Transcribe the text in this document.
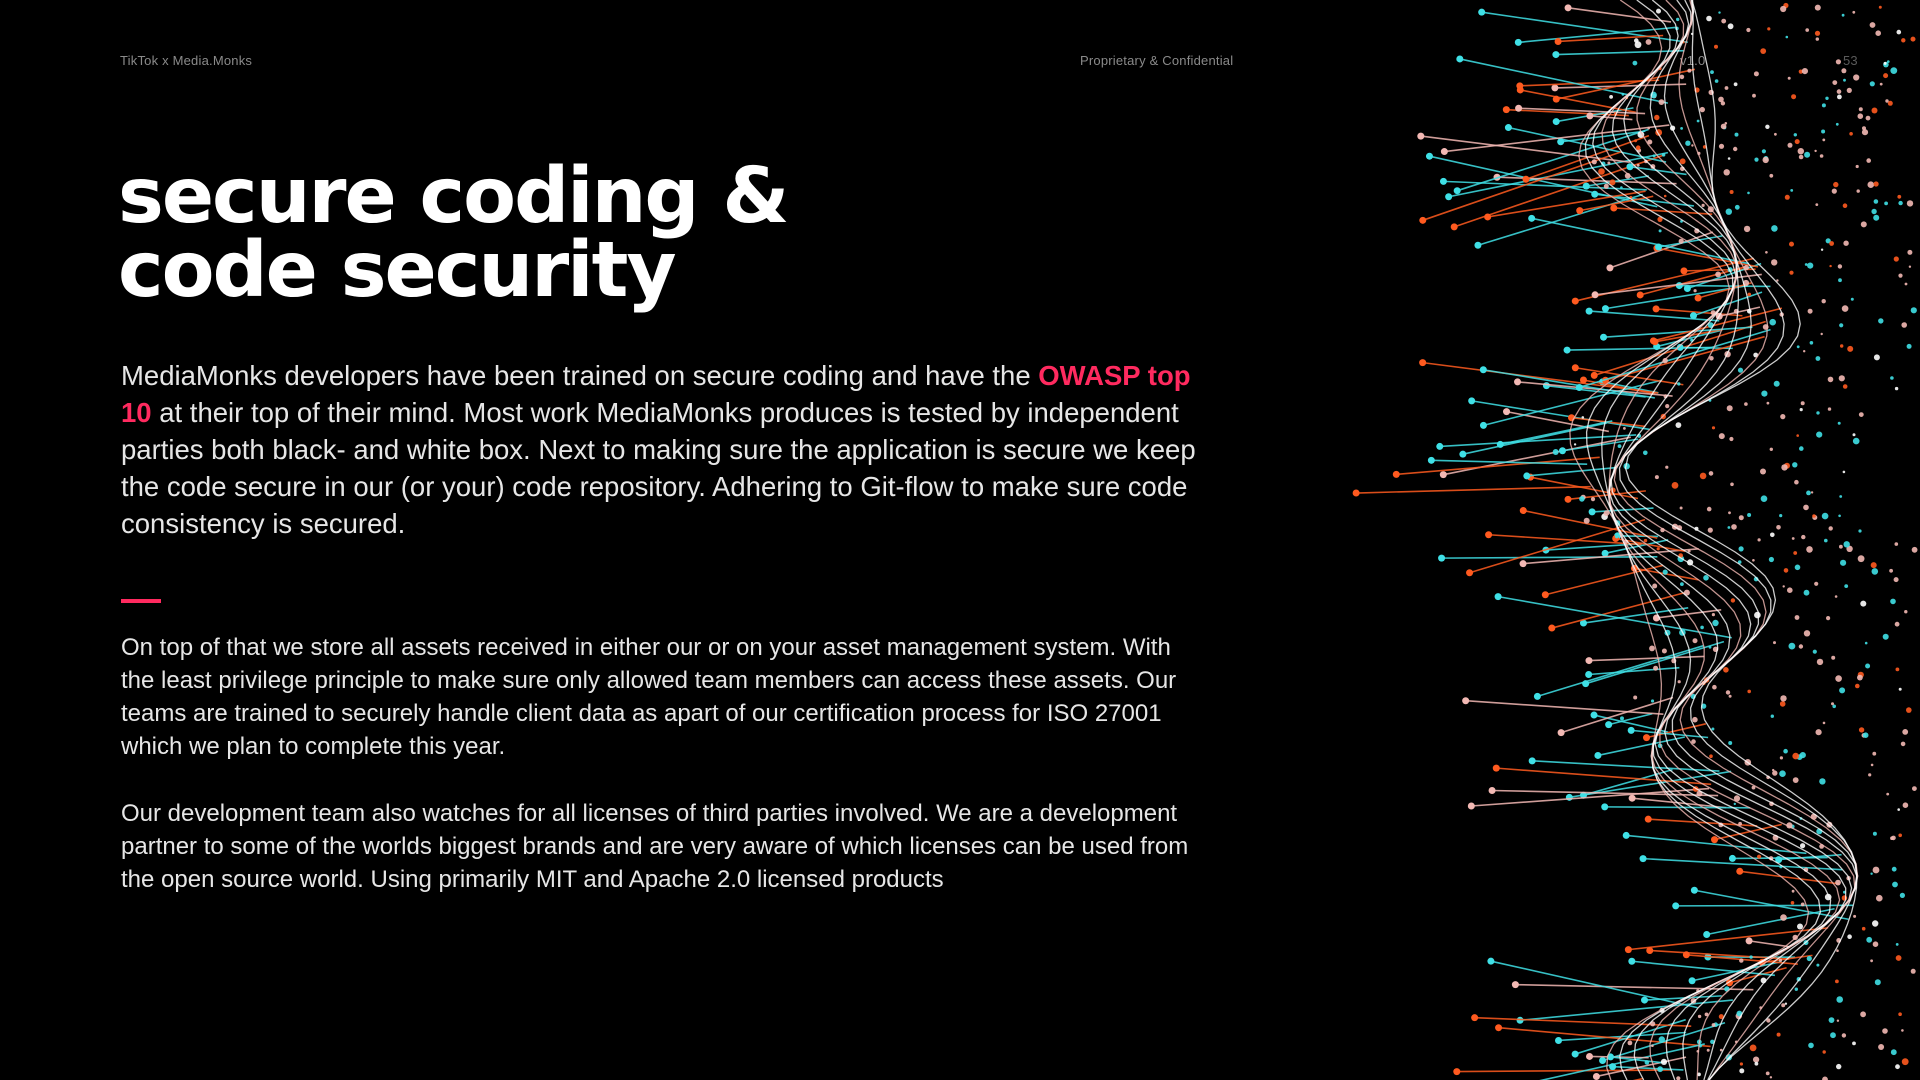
TikTok x Media.Monks	Proprietary & Confidential	v1.0	53
secure coding &
code security

MediaMonks developers have been trained on secure coding and have the OWASP top 10 at their top of their mind. Most work MediaMonks produces is tested by independent parties both black- and white box. Next to making sure the application is secure we keep the code secure in our (or your) code repository. Adhering to Git-flow to make sure code consistency is secured.

On top of that we store all assets received in either our or on your asset management system. With the least privilege principle to make sure only allowed team members can access these assets. Our teams are trained to securely handle client data as apart of our certification process for ISO 27001 which we plan to complete this year.

Our development team also watches for all licenses of third parties involved. We are a development partner to some of the worlds biggest brands and are very aware of which licenses can be used from the open source world. Using primarily MIT and Apache 2.0 licensed products
